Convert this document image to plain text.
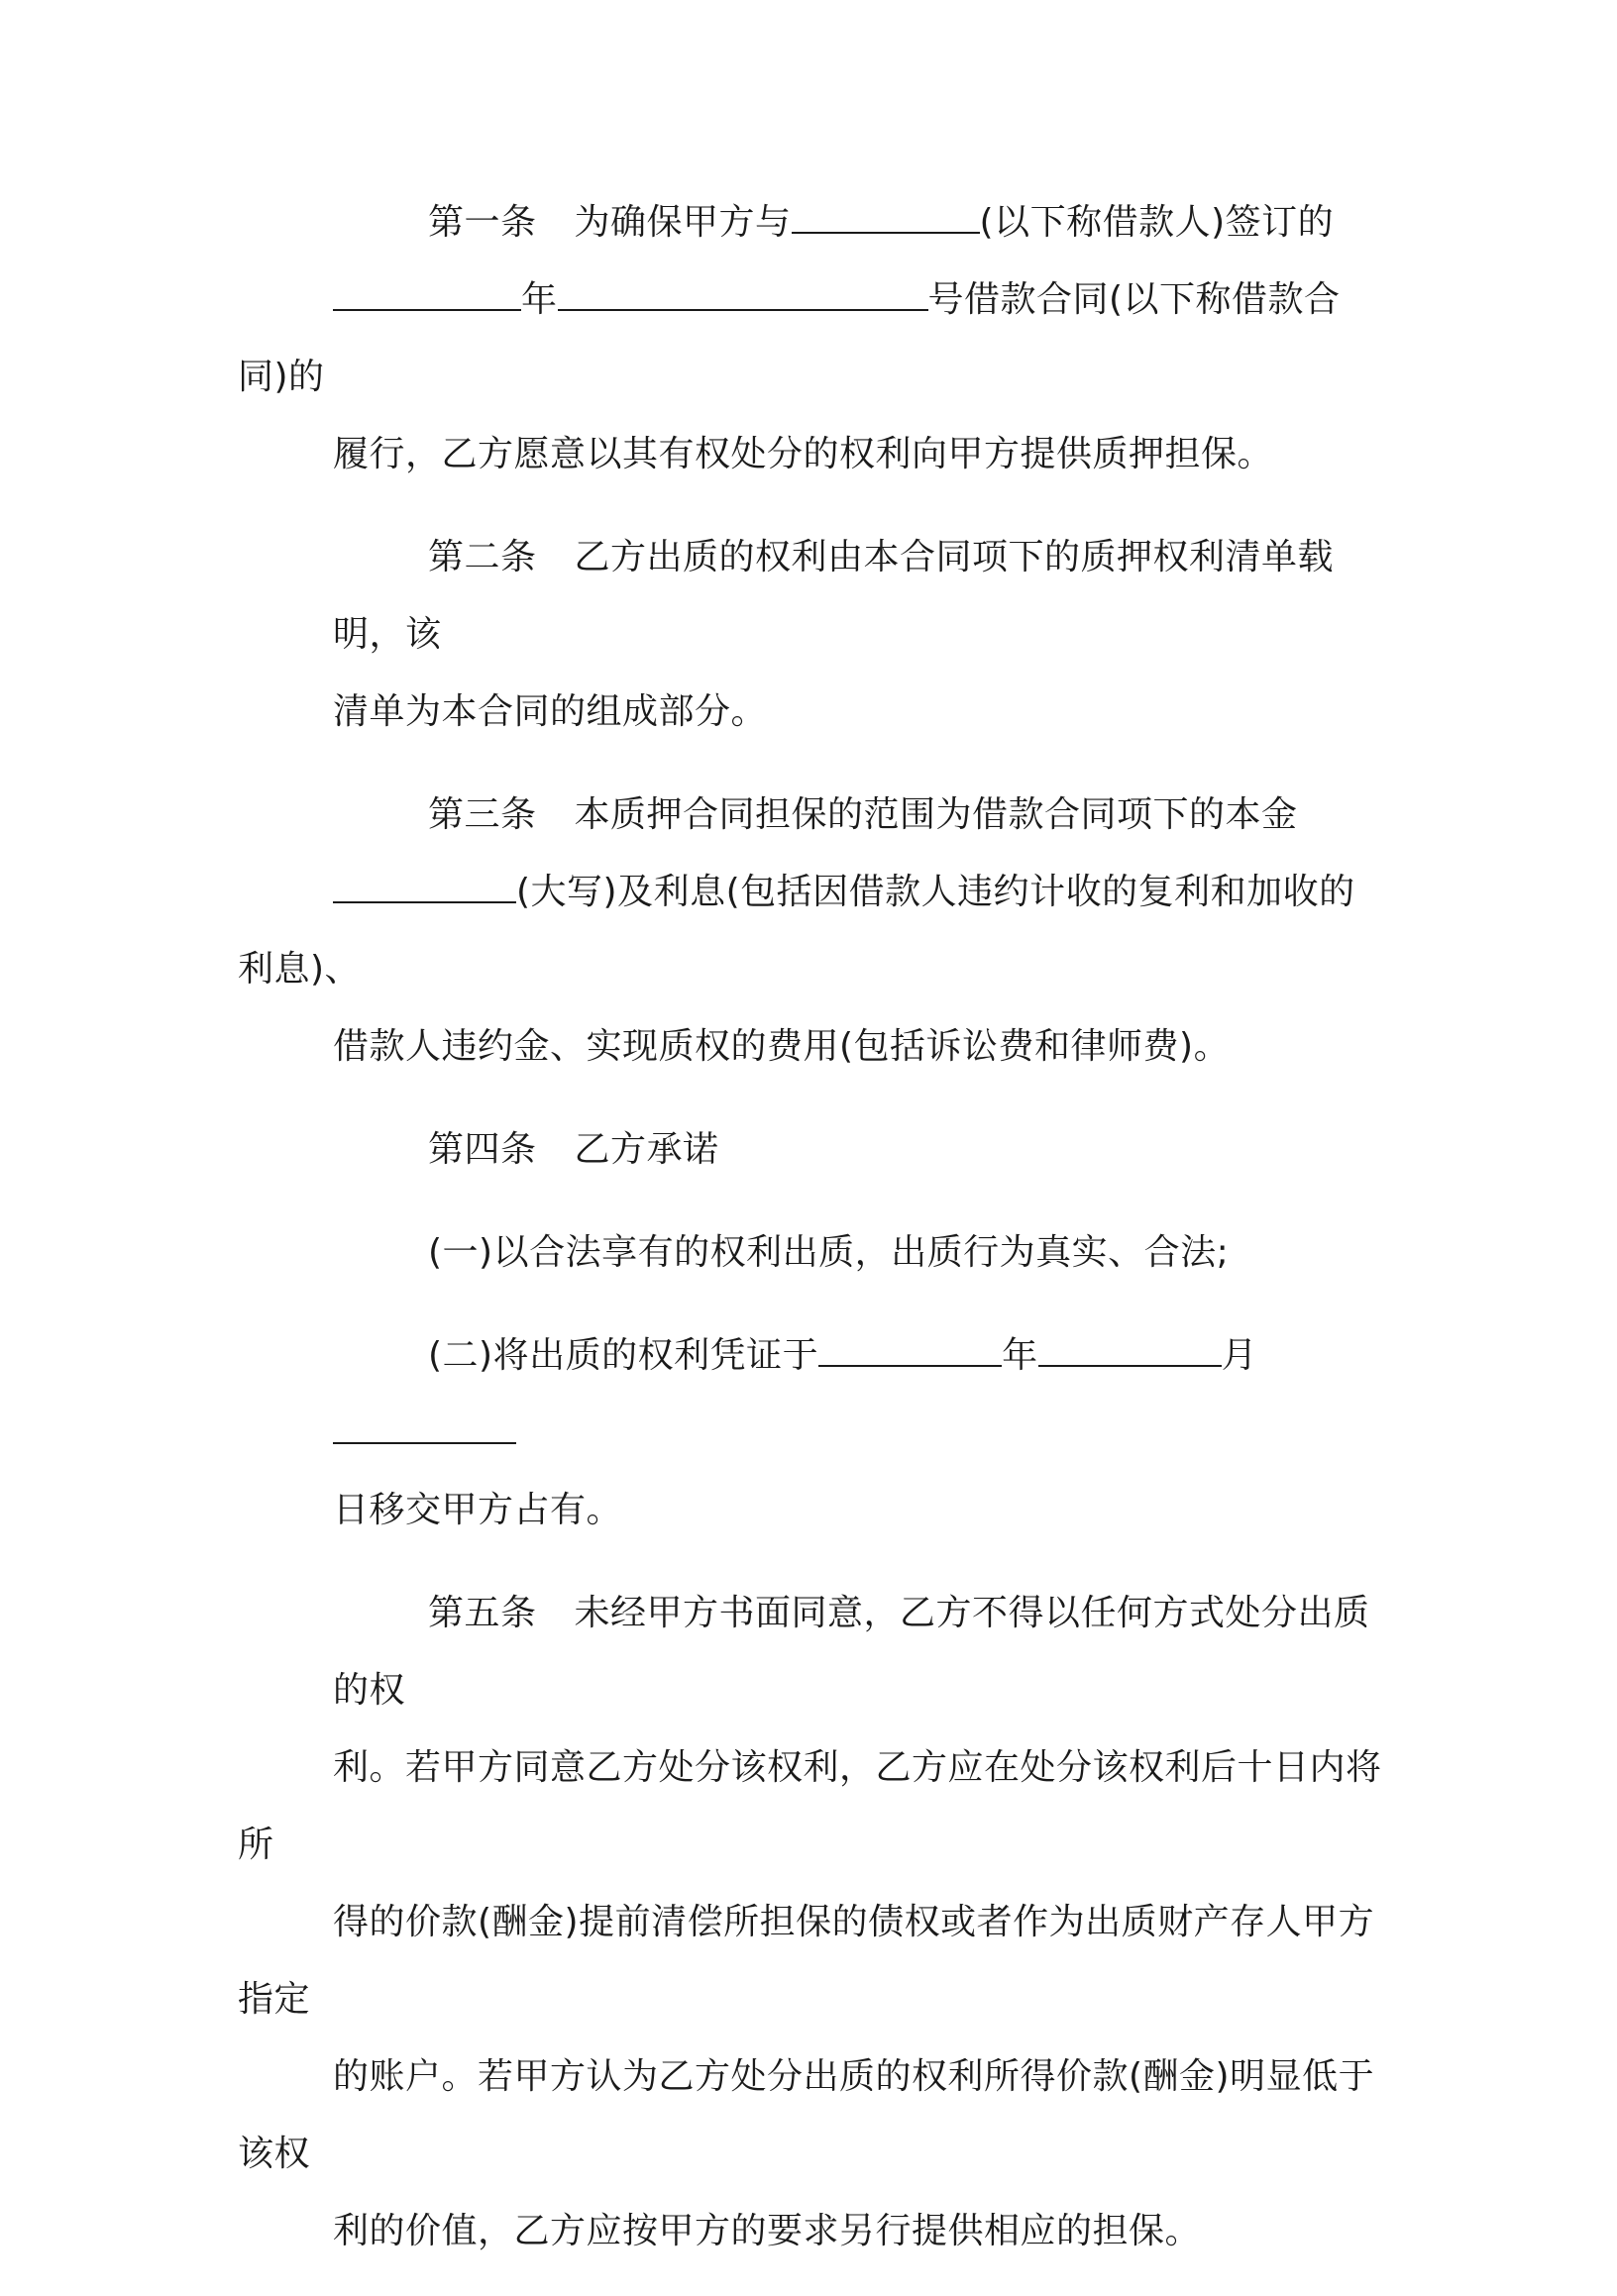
第一条 为确保甲方与	(以下称借款人)签订的
年	号借款合同(以下称借款合同)的
履行，乙方愿意以其有权处分的权利向甲方提供质押担保。
第二条 乙方出质的权利由本合同项下的质押权利清单载明，该
清单为本合同的组成部分。
第三条 本质押合同担保的范围为借款合同项下的本金
(大写)及利息(包括因借款人违约计收的复利和加收的利息)、
借款人违约金、实现质权的费用(包括诉讼费和律师费)。
第四条 乙方承诺
(一)以合法享有的权利出质，出质行为真实、合法;
(二)将出质的权利凭证于	年	月
日移交甲方占有。
第五条 未经甲方书面同意，乙方不得以任何方式处分出质的权
利。若甲方同意乙方处分该权利，乙方应在处分该权利后十日内将所
得的价款(酬金)提前清偿所担保的债权或者作为出质财产存人甲方指定
的账户。若甲方认为乙方处分出质的权利所得价款(酬金)明显低于该权
利的价值，乙方应按甲方的要求另行提供相应的担保。
